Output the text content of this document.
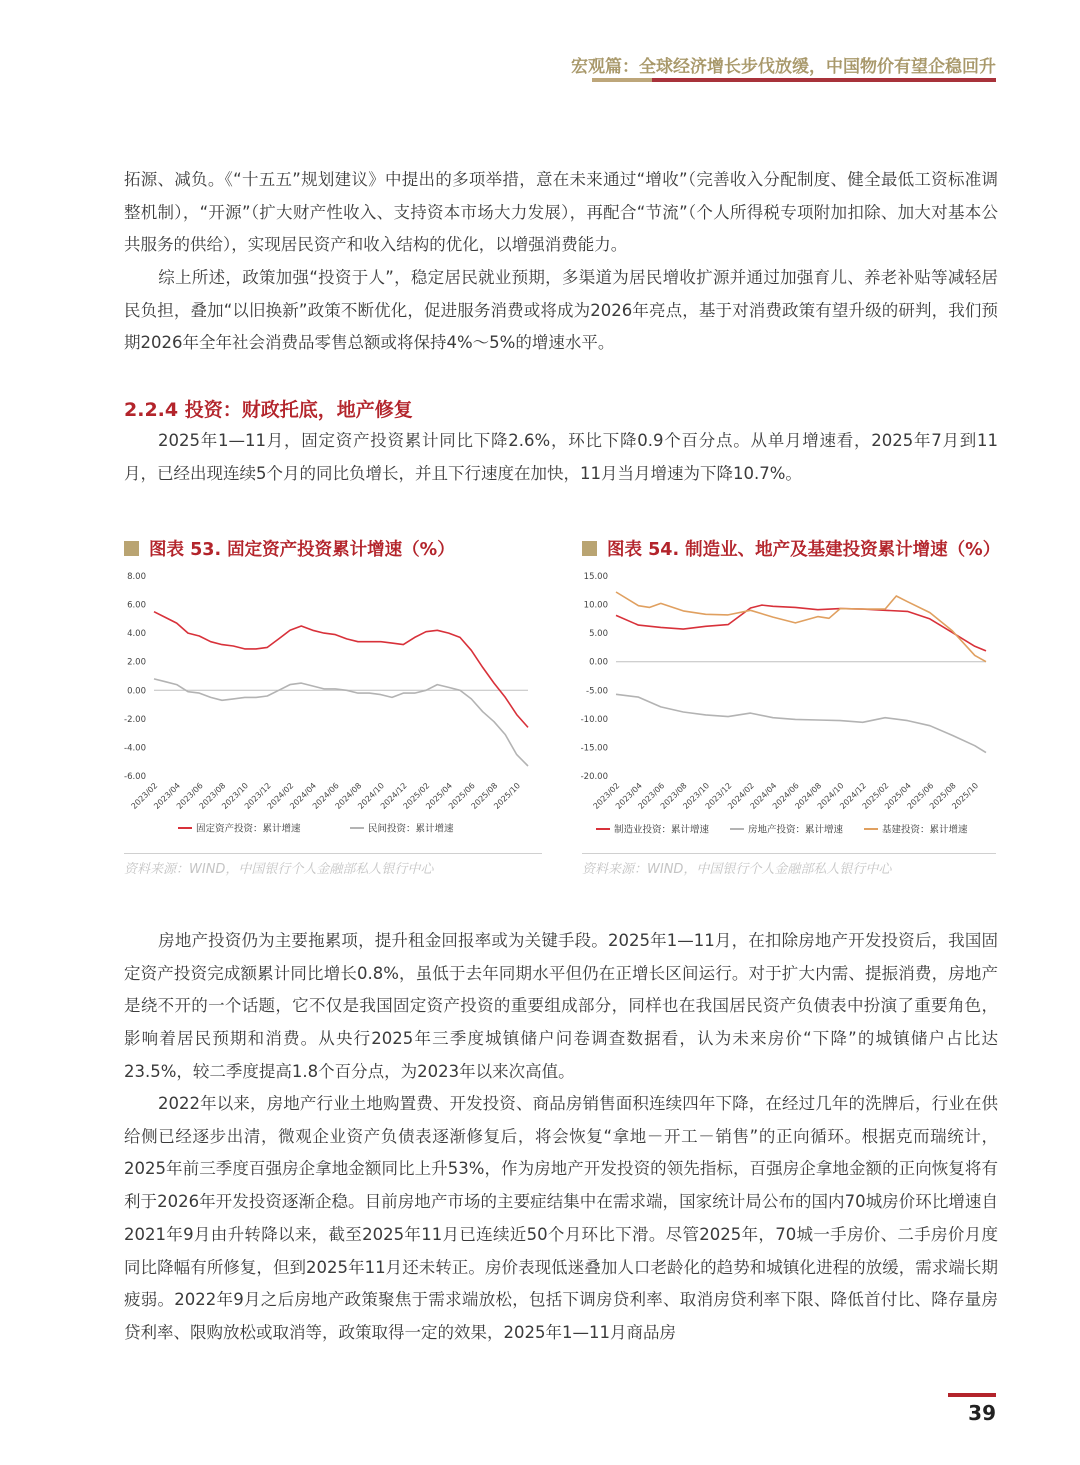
宏观篇：全球经济增长步伐放缓，中国物价有望企稳回升

拓源、减负。《“十五五”规划建议》中提出的多项举措，意在未来通过“增收”（完善收入分配制度、健全最低工资标准调整机制），“开源”（扩大财产性收入、支持资本市场大力发展），再配合“节流”（个人所得税专项附加扣除、加大对基本公共服务的供给），实现居民资产和收入结构的优化，以增强消费能力。

综上所述，政策加强“投资于人”，稳定居民就业预期，多渠道为居民增收扩源并通过加强育儿、养老补贴等减轻居民负担，叠加“以旧换新”政策不断优化，促进服务消费或将成为2026年亮点，基于对消费政策有望升级的研判，我们预期2026年全年社会消费品零售总额或将保持4%～5%的增速水平。

2.2.4 投资：财政托底，地产修复

2025年1—11月，固定资产投资累计同比下降2.6%，环比下降0.9个百分点。从单月增速看，2025年7月到11月，已经出现连续5个月的同比负增长，并且下行速度在加快，11月当月增速为下降10.7%。

图表 53. 固定资产投资累计增速（%）	图表 54. 制造业、地产及基建投资累计增速（%）
8.00
6.00
4.00
2.00
0.00
-2.00
-4.00
-6.00
2023/02
2023/04
2023/06
2023/08
2023/10
2023/12
2024/02
2024/04
2024/06
2024/08
2024/10
2024/12
2025/02
2025/04
2025/06
2025/08
2025/10
固定资产投资：累计增速	民间投资：累计增速
15.00
10.00
5.00
0.00
-5.00
-10.00
-15.00
-20.00
2023/02
2023/04
2023/06
2023/08
2023/10
2023/12
2024/02
2024/04
2024/06
2024/08
2024/10
2024/12
2025/02
2025/04
2025/06
2025/08
2025/10
制造业投资：累计增速	房地产投资：累计增速	基建投资：累计增速
资料来源：WIND，中国银行个人金融部私人银行中心	资料来源：WIND，中国银行个人金融部私人银行中心

房地产投资仍为主要拖累项，提升租金回报率或为关键手段。2025年1—11月，在扣除房地产开发投资后，我国固定资产投资完成额累计同比增长0.8%，虽低于去年同期水平但仍在正增长区间运行。对于扩大内需、提振消费，房地产是绕不开的一个话题，它不仅是我国固定资产投资的重要组成部分，同样也在我国居民资产负债表中扮演了重要角色，影响着居民预期和消费。从央行2025年三季度城镇储户问卷调查数据看，认为未来房价“下降”的城镇储户占比达23.5%，较二季度提高1.8个百分点，为2023年以来次高值。

2022年以来，房地产行业土地购置费、开发投资、商品房销售面积连续四年下降，在经过几年的洗牌后，行业在供给侧已经逐步出清，微观企业资产负债表逐渐修复后，将会恢复“拿地－开工－销售”的正向循环。根据克而瑞统计，2025年前三季度百强房企拿地金额同比上升53%，作为房地产开发投资的领先指标，百强房企拿地金额的正向恢复将有利于2026年开发投资逐渐企稳。目前房地产市场的主要症结集中在需求端，国家统计局公布的国内70城房价环比增速自2021年9月由升转降以来，截至2025年11月已连续近50个月环比下滑。尽管2025年，70城一手房价、二手房价月度同比降幅有所修复，但到2025年11月还未转正。房价表现低迷叠加人口老龄化的趋势和城镇化进程的放缓，需求端长期疲弱。2022年9月之后房地产政策聚焦于需求端放松，包括下调房贷利率、取消房贷利率下限、降低首付比、降存量房贷利率、限购放松或取消等，政策取得一定的效果，2025年1—11月商品房

39
